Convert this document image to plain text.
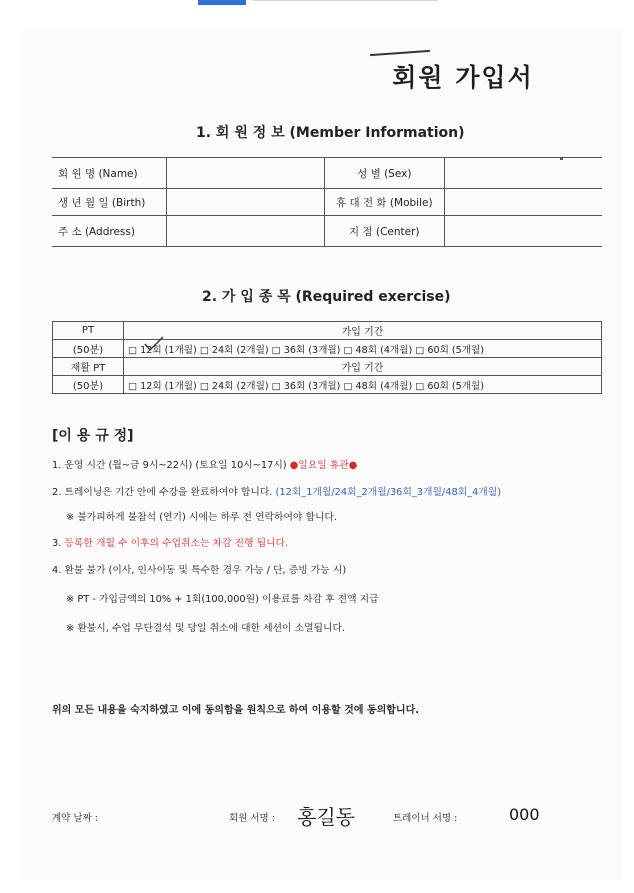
회원 가입서
1. 회 원 정 보 (Member Information)
회 원 명 (Name)		성 별 (Sex)	
생 년 월 일 (Birth)		휴 대 전 화 (Mobile)	
주 소 (Address)		지 점 (Center)	
2. 가 입 종 목 (Required exercise)
PT	가입 기간
(50분)	□ 12회 (1개월) □ 24회 (2개월) □ 36회 (3개월) □ 48회 (4개월) □ 60회 (5개월)
재활 PT	가입 기간
(50분)	□ 12회 (1개월) □ 24회 (2개월) □ 36회 (3개월) □ 48회 (4개월) □ 60회 (5개월)
[이 용 규 정]
1. 운영 시간 (월~금 9시~22시) (토요일 10시~17시) ●일요일 휴관●
2. 트레이닝은 기간 안에 수강을 완료하여야 합니다. (12회_1개월/24회_2개월/36회_3개월/48회_4개월)
※ 불가피하게 불참석 (연기) 시에는 하루 전 연락하여야 합니다.
3. 등록한 개월 수 이후의 수업취소는 차감 진행 됩니다.
4. 환불 불가 (이사, 인사이동 및 특수한 경우 가능 / 단, 증빙 가능 시)
※ PT - 가입금액의 10% + 1회(100,000원) 이용료를 차감 후 전액 지급
※ 환불시, 수업 무단결석 및 당일 취소에 대한 세션이 소멸됩니다.
위의 모든 내용을 숙지하였고 이에 동의함을 원칙으로 하여 이용할 것에 동의합니다.
계약 날짜 :	회원 서명 : 홍길동	트레이너 서명 :	000
